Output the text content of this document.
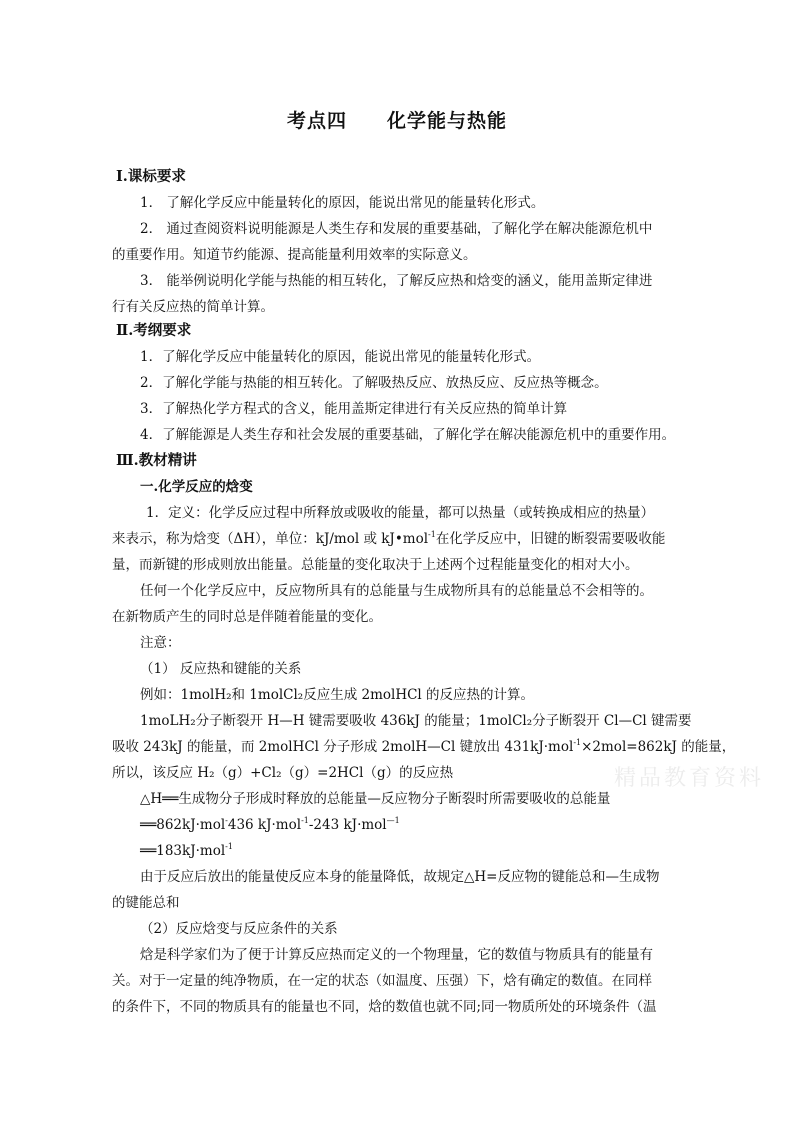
考点四 化学能与热能
Ⅰ.课标要求
1． 了解化学反应中能量转化的原因，能说出常见的能量转化形式。
2． 通过查阅资料说明能源是人类生存和发展的重要基础，了解化学在解决能源危机中
的重要作用。知道节约能源、提高能量利用效率的实际意义。
3． 能举例说明化学能与热能的相互转化，了解反应热和焓变的涵义，能用盖斯定律进
行有关反应热的简单计算。
Ⅱ.考纲要求
1．了解化学反应中能量转化的原因，能说出常见的能量转化形式。
2．了解化学能与热能的相互转化。了解吸热反应、放热反应、反应热等概念。
3．了解热化学方程式的含义，能用盖斯定律进行有关反应热的简单计算
4．了解能源是人类生存和社会发展的重要基础，了解化学在解决能源危机中的重要作用。
Ⅲ.教材精讲
一.化学反应的焓变
1．定义：化学反应过程中所释放或吸收的能量，都可以热量（或转换成相应的热量）
来表示，称为焓变（ΔH），单位：kJ/mol 或 kJ•mol$^{-1}$在化学反应中，旧键的断裂需要吸收能
量，而新键的形成则放出能量。总能量的变化取决于上述两个过程能量变化的相对大小。
任何一个化学反应中，反应物所具有的总能量与生成物所具有的总能量总不会相等的。
在新物质产生的同时总是伴随着能量的变化。
注意：
（1） 反应热和键能的关系
例如：1molH₂和 1molCl₂反应生成 2molHCl 的反应热的计算。
1moLH₂分子断裂开 H—H 键需要吸收 436kJ 的能量；1molCl₂分子断裂开 Cl—Cl 键需要
吸收 243kJ 的能量，而 2molHCl 分子形成 2molH—Cl 键放出 431kJ·mol$^{-1}$×2mol=862kJ 的能量，
所以，该反应 H₂（g）+Cl₂（g）=2HCl（g）的反应热
△H══生成物分子形成时释放的总能量—反应物分子断裂时所需要吸收的总能量
══862kJ·mol-436 kJ·mol$^{-1}$-243 kJ·mol$^{—1}$
══183kJ·mol$^{-1}$
由于反应后放出的能量使反应本身的能量降低，故规定△H=反应物的键能总和—生成物
的键能总和
（2）反应焓变与反应条件的关系
焓是科学家们为了便于计算反应热而定义的一个物理量，它的数值与物质具有的能量有
关。对于一定量的纯净物质，在一定的状态（如温度、压强）下，焓有确定的数值。在同样
的条件下，不同的物质具有的能量也不同，焓的数值也就不同;同一物质所处的环境条件（温
精品教育资料
